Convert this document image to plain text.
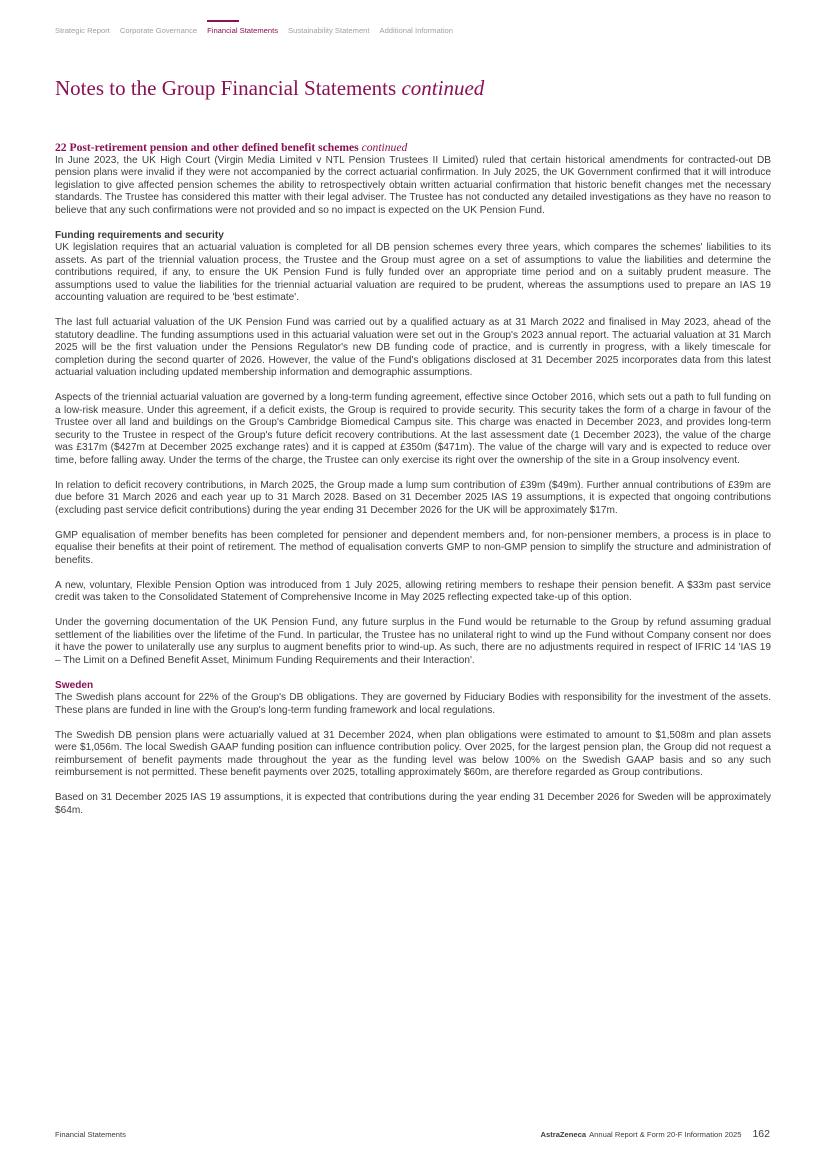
Strategic Report Corporate Governance Financial Statements Sustainability Statement Additional Information
Notes to the Group Financial Statements continued
22 Post-retirement pension and other defined benefit schemes continued

In June 2023, the UK High Court (Virgin Media Limited v NTL Pension Trustees II Limited) ruled that certain historical amendments for contracted-out DB pension plans were invalid if they were not accompanied by the correct actuarial confirmation. In July 2025, the UK Government confirmed that it will introduce legislation to give affected pension schemes the ability to retrospectively obtain written actuarial confirmation that historic benefit changes met the necessary standards. The Trustee has considered this matter with their legal adviser. The Trustee has not conducted any detailed investigations as they have no reason to believe that any such confirmations were not provided and so no impact is expected on the UK Pension Fund.

Funding requirements and security

UK legislation requires that an actuarial valuation is completed for all DB pension schemes every three years, which compares the schemes' liabilities to its assets. As part of the triennial valuation process, the Trustee and the Group must agree on a set of assumptions to value the liabilities and determine the contributions required, if any, to ensure the UK Pension Fund is fully funded over an appropriate time period and on a suitably prudent measure. The assumptions used to value the liabilities for the triennial actuarial valuation are required to be prudent, whereas the assumptions used to prepare an IAS 19 accounting valuation are required to be 'best estimate'.

The last full actuarial valuation of the UK Pension Fund was carried out by a qualified actuary as at 31 March 2022 and finalised in May 2023, ahead of the statutory deadline. The funding assumptions used in this actuarial valuation were set out in the Group's 2023 annual report. The actuarial valuation at 31 March 2025 will be the first valuation under the Pensions Regulator's new DB funding code of practice, and is currently in progress, with a likely timescale for completion during the second quarter of 2026. However, the value of the Fund's obligations disclosed at 31 December 2025 incorporates data from this latest actuarial valuation including updated membership information and demographic assumptions.

Aspects of the triennial actuarial valuation are governed by a long-term funding agreement, effective since October 2016, which sets out a path to full funding on a low-risk measure. Under this agreement, if a deficit exists, the Group is required to provide security. This security takes the form of a charge in favour of the Trustee over all land and buildings on the Group's Cambridge Biomedical Campus site. This charge was enacted in December 2023, and provides long-term security to the Trustee in respect of the Group's future deficit recovery contributions. At the last assessment date (1 December 2023), the value of the charge was £317m ($427m at December 2025 exchange rates) and it is capped at £350m ($471m). The value of the charge will vary and is expected to reduce over time, before falling away. Under the terms of the charge, the Trustee can only exercise its right over the ownership of the site in a Group insolvency event.

In relation to deficit recovery contributions, in March 2025, the Group made a lump sum contribution of £39m ($49m). Further annual contributions of £39m are due before 31 March 2026 and each year up to 31 March 2028. Based on 31 December 2025 IAS 19 assumptions, it is expected that ongoing contributions (excluding past service deficit contributions) during the year ending 31 December 2026 for the UK will be approximately $17m.

GMP equalisation of member benefits has been completed for pensioner and dependent members and, for non-pensioner members, a process is in place to equalise their benefits at their point of retirement. The method of equalisation converts GMP to non-GMP pension to simplify the structure and administration of benefits.

A new, voluntary, Flexible Pension Option was introduced from 1 July 2025, allowing retiring members to reshape their pension benefit. A $33m past service credit was taken to the Consolidated Statement of Comprehensive Income in May 2025 reflecting expected take-up of this option.

Under the governing documentation of the UK Pension Fund, any future surplus in the Fund would be returnable to the Group by refund assuming gradual settlement of the liabilities over the lifetime of the Fund. In particular, the Trustee has no unilateral right to wind up the Fund without Company consent nor does it have the power to unilaterally use any surplus to augment benefits prior to wind-up. As such, there are no adjustments required in respect of IFRIC 14 'IAS 19 – The Limit on a Defined Benefit Asset, Minimum Funding Requirements and their Interaction'.

Sweden

The Swedish plans account for 22% of the Group's DB obligations. They are governed by Fiduciary Bodies with responsibility for the investment of the assets. These plans are funded in line with the Group's long-term funding framework and local regulations.

The Swedish DB pension plans were actuarially valued at 31 December 2024, when plan obligations were estimated to amount to $1,508m and plan assets were $1,056m. The local Swedish GAAP funding position can influence contribution policy. Over 2025, for the largest pension plan, the Group did not request a reimbursement of benefit payments made throughout the year as the funding level was below 100% on the Swedish GAAP basis and so any such reimbursement is not permitted. These benefit payments over 2025, totalling approximately $60m, are therefore regarded as Group contributions.

Based on 31 December 2025 IAS 19 assumptions, it is expected that contributions during the year ending 31 December 2026 for Sweden will be approximately $64m.

Financial Statements	AstraZeneca Annual Report & Form 20-F Information 2025 162
